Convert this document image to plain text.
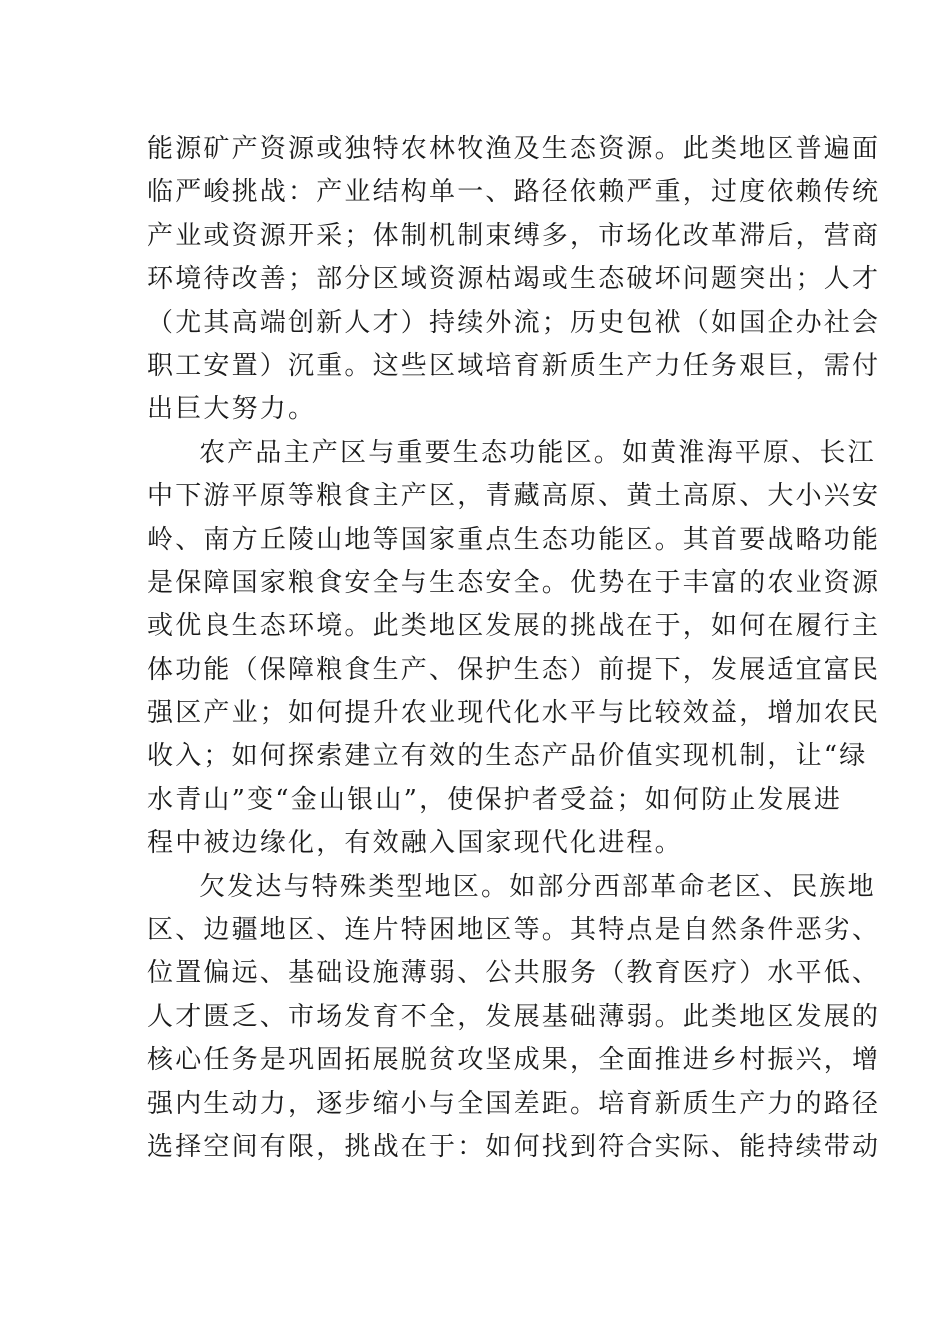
能源矿产资源或独特农林牧渔及生态资源。此类地区普遍面
临严峻挑战：产业结构单一、路径依赖严重，过度依赖传统
产业或资源开采；体制机制束缚多，市场化改革滞后，营商
环境待改善；部分区域资源枯竭或生态破坏问题突出；人才
（尤其高端创新人才）持续外流；历史包袱（如国企办社会
职工安置）沉重。这些区域培育新质生产力任务艰巨，需付
出巨大努力。
农产品主产区与重要生态功能区。如黄淮海平原、长江
中下游平原等粮食主产区，青藏高原、黄土高原、大小兴安
岭、南方丘陵山地等国家重点生态功能区。其首要战略功能
是保障国家粮食安全与生态安全。优势在于丰富的农业资源
或优良生态环境。此类地区发展的挑战在于，如何在履行主
体功能（保障粮食生产、保护生态）前提下，发展适宜富民
强区产业；如何提升农业现代化水平与比较效益，增加农民
收入；如何探索建立有效的生态产品价值实现机制，让“绿
水青山”变“金山银山”，使保护者受益；如何防止发展进
程中被边缘化，有效融入国家现代化进程。
欠发达与特殊类型地区。如部分西部革命老区、民族地
区、边疆地区、连片特困地区等。其特点是自然条件恶劣、
位置偏远、基础设施薄弱、公共服务（教育医疗）水平低、
人才匮乏、市场发育不全，发展基础薄弱。此类地区发展的
核心任务是巩固拓展脱贫攻坚成果，全面推进乡村振兴，增
强内生动力，逐步缩小与全国差距。培育新质生产力的路径
选择空间有限，挑战在于：如何找到符合实际、能持续带动
